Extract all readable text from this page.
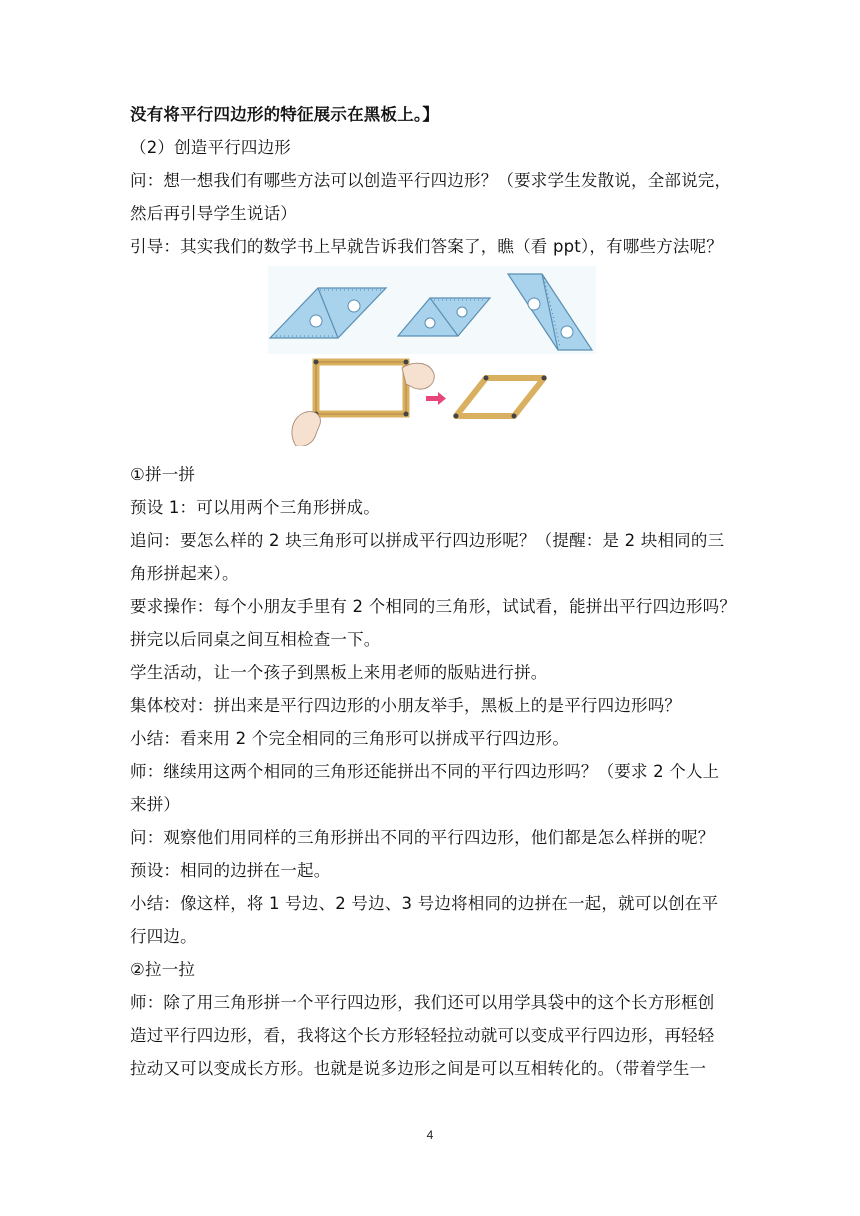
没有将平行四边形的特征展示在黑板上。】
（2）创造平行四边形
问：想一想我们有哪些方法可以创造平行四边形？（要求学生发散说，全部说完，
然后再引导学生说话）
引导：其实我们的数学书上早就告诉我们答案了，瞧（看 ppt），有哪些方法呢？
①拼一拼
预设 1：可以用两个三角形拼成。
追问：要怎么样的 2 块三角形可以拼成平行四边形呢？（提醒：是 2 块相同的三
角形拼起来）。
要求操作：每个小朋友手里有 2 个相同的三角形，试试看，能拼出平行四边形吗？
拼完以后同桌之间互相检查一下。
学生活动，让一个孩子到黑板上来用老师的版贴进行拼。
集体校对：拼出来是平行四边形的小朋友举手，黑板上的是平行四边形吗？
小结：看来用 2 个完全相同的三角形可以拼成平行四边形。
师：继续用这两个相同的三角形还能拼出不同的平行四边形吗？（要求 2 个人上
来拼）
问：观察他们用同样的三角形拼出不同的平行四边形，他们都是怎么样拼的呢？
预设：相同的边拼在一起。
小结：像这样，将 1 号边、2 号边、3 号边将相同的边拼在一起，就可以创在平
行四边。
②拉一拉
师：除了用三角形拼一个平行四边形，我们还可以用学具袋中的这个长方形框创
造过平行四边形，看，我将这个长方形轻轻拉动就可以变成平行四边形，再轻轻
拉动又可以变成长方形。也就是说多边形之间是可以互相转化的。（带着学生一
4
